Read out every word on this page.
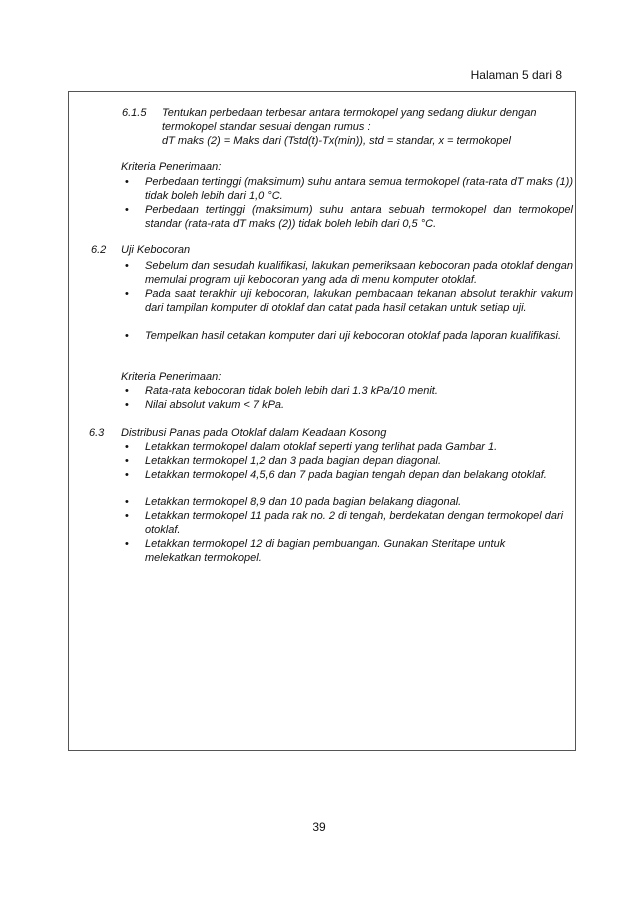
Halaman 5 dari 8
6.1.5 Tentukan perbedaan terbesar antara termokopel yang sedang diukur dengan
termokopel standar sesuai dengan rumus :
dT maks (2) = Maks dari (Tstd(t)-Tx(min)), std = standar, x = termokopel
Kriteria Penerimaan:
• Perbedaan tertinggi (maksimum) suhu antara semua termokopel (rata-rata dT maks (1)) tidak boleh lebih dari 1,0 °C.
• Perbedaan tertinggi (maksimum) suhu antara sebuah termokopel dan termokopel standar (rata-rata dT maks (2)) tidak boleh lebih dari 0,5 °C.
6.2 Uji Kebocoran
• Sebelum dan sesudah kualifikasi, lakukan pemeriksaan kebocoran pada otoklaf dengan memulai program uji kebocoran yang ada di menu komputer otoklaf.
• Pada saat terakhir uji kebocoran, lakukan pembacaan tekanan absolut terakhir vakum dari tampilan komputer di otoklaf dan catat pada hasil cetakan untuk setiap uji.
• Tempelkan hasil cetakan komputer dari uji kebocoran otoklaf pada laporan kualifikasi.
Kriteria Penerimaan:
• Rata-rata kebocoran tidak boleh lebih dari 1.3 kPa/10 menit.
• Nilai absolut vakum < 7 kPa.
6.3 Distribusi Panas pada Otoklaf dalam Keadaan Kosong
• Letakkan termokopel dalam otoklaf seperti yang terlihat pada Gambar 1.
• Letakkan termokopel 1,2 dan 3 pada bagian depan diagonal.
• Letakkan termokopel 4,5,6 dan 7 pada bagian tengah depan dan belakang otoklaf.
• Letakkan termokopel 8,9 dan 10 pada bagian belakang diagonal.
• Letakkan termokopel 11 pada rak no. 2 di tengah, berdekatan dengan termokopel dari otoklaf.
• Letakkan termokopel 12 di bagian pembuangan. Gunakan Steritape untuk melekatkan termokopel.
39
